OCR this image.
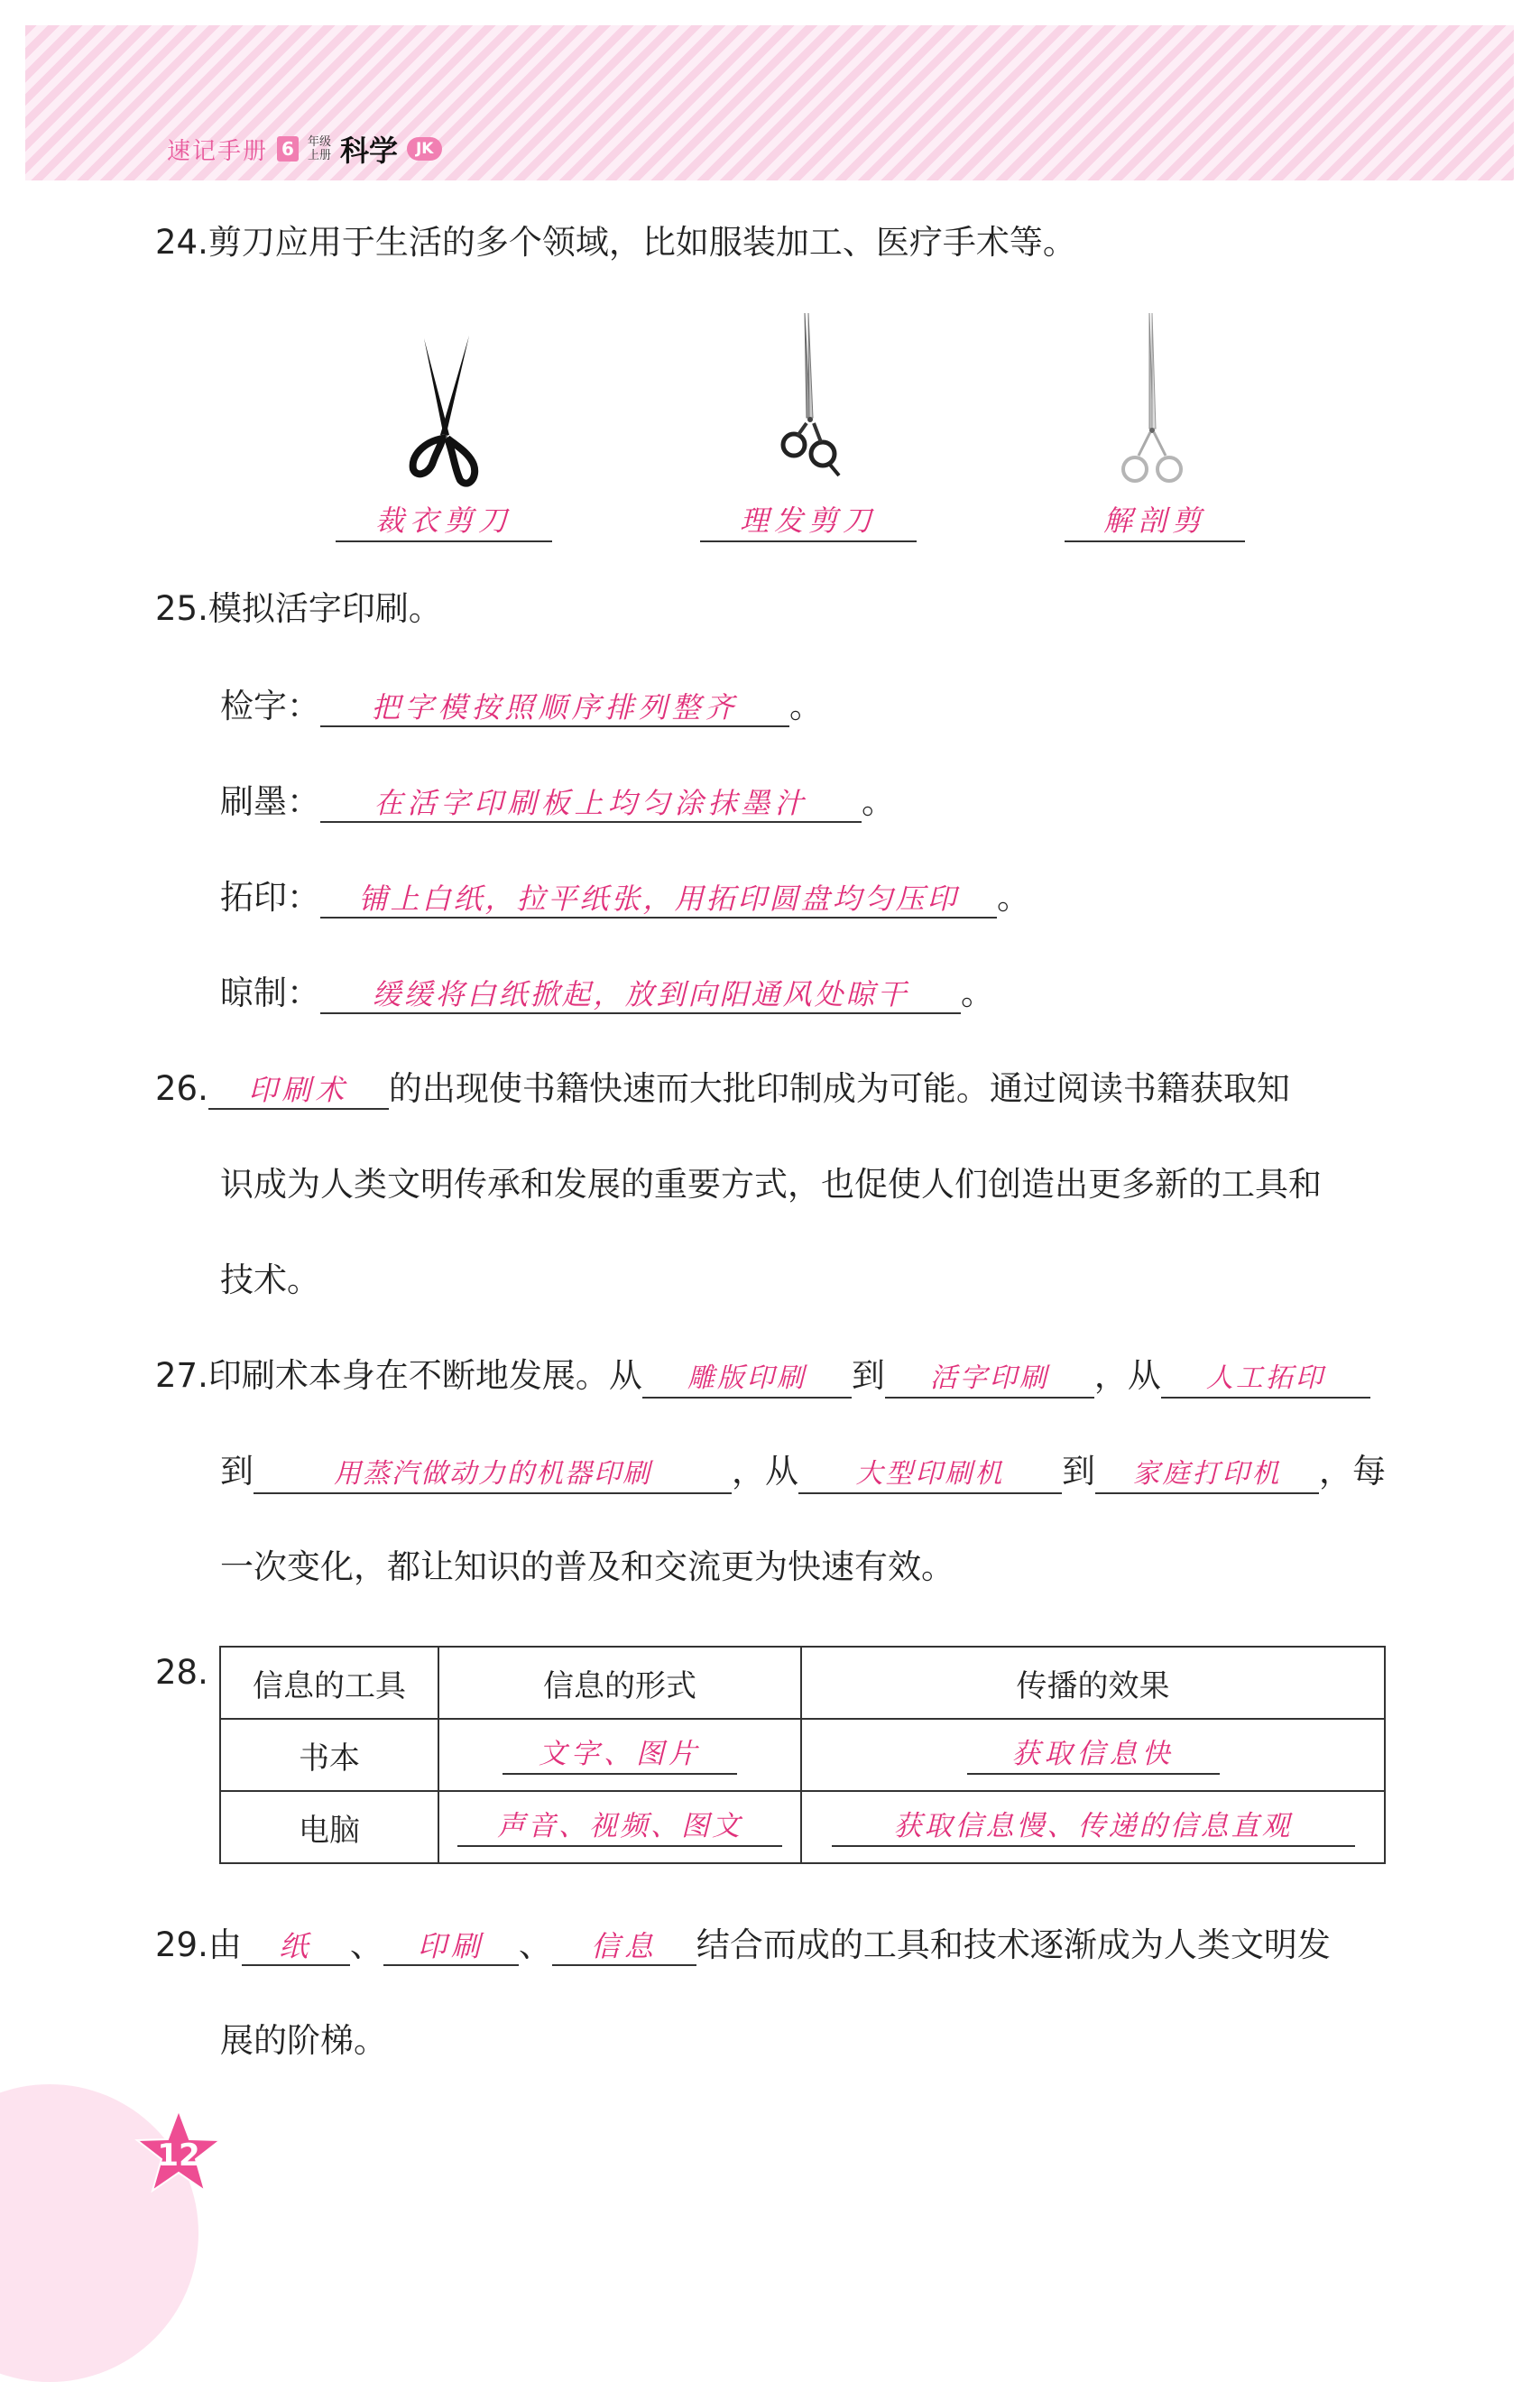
速记手册 6	年级
上册 科学	JK
24.剪刀应用于生活的多个领域，比如服装加工、医疗手术等。
裁衣剪刀	理发剪刀	解剖剪
25.模拟活字印刷。
检字： 把字模按照顺序排列整齐 。
刷墨： 在活字印刷板上均匀涂抹墨汁 。
拓印： 铺上白纸，拉平纸张，用拓印圆盘均匀压印 。
晾制： 缓缓将白纸掀起，放到向阳通风处晾干 。
26. 印刷术 的出现使书籍快速而大批印制成为可能。通过阅读书籍获取知
识成为人类文明传承和发展的重要方式，也促使人们创造出更多新的工具和
技术。
27.印刷术本身在不断地发展。从 雕版印刷 到 活字印刷 ，从 人工拓印
到	用蒸汽做动力的机器印刷 ，从 大型印刷机 到 家庭打印机 ，每
一次变化，都让知识的普及和交流更为快速有效。
28. 信息的工具	信息的形式	传播的效果
书本	文字、图片	获取信息快
电脑	声音、视频、图文	获取信息慢、传递的信息直观
29.由 纸 、 印刷 、 信息 结合而成的工具和技术逐渐成为人类文明发
展的阶梯。
12
